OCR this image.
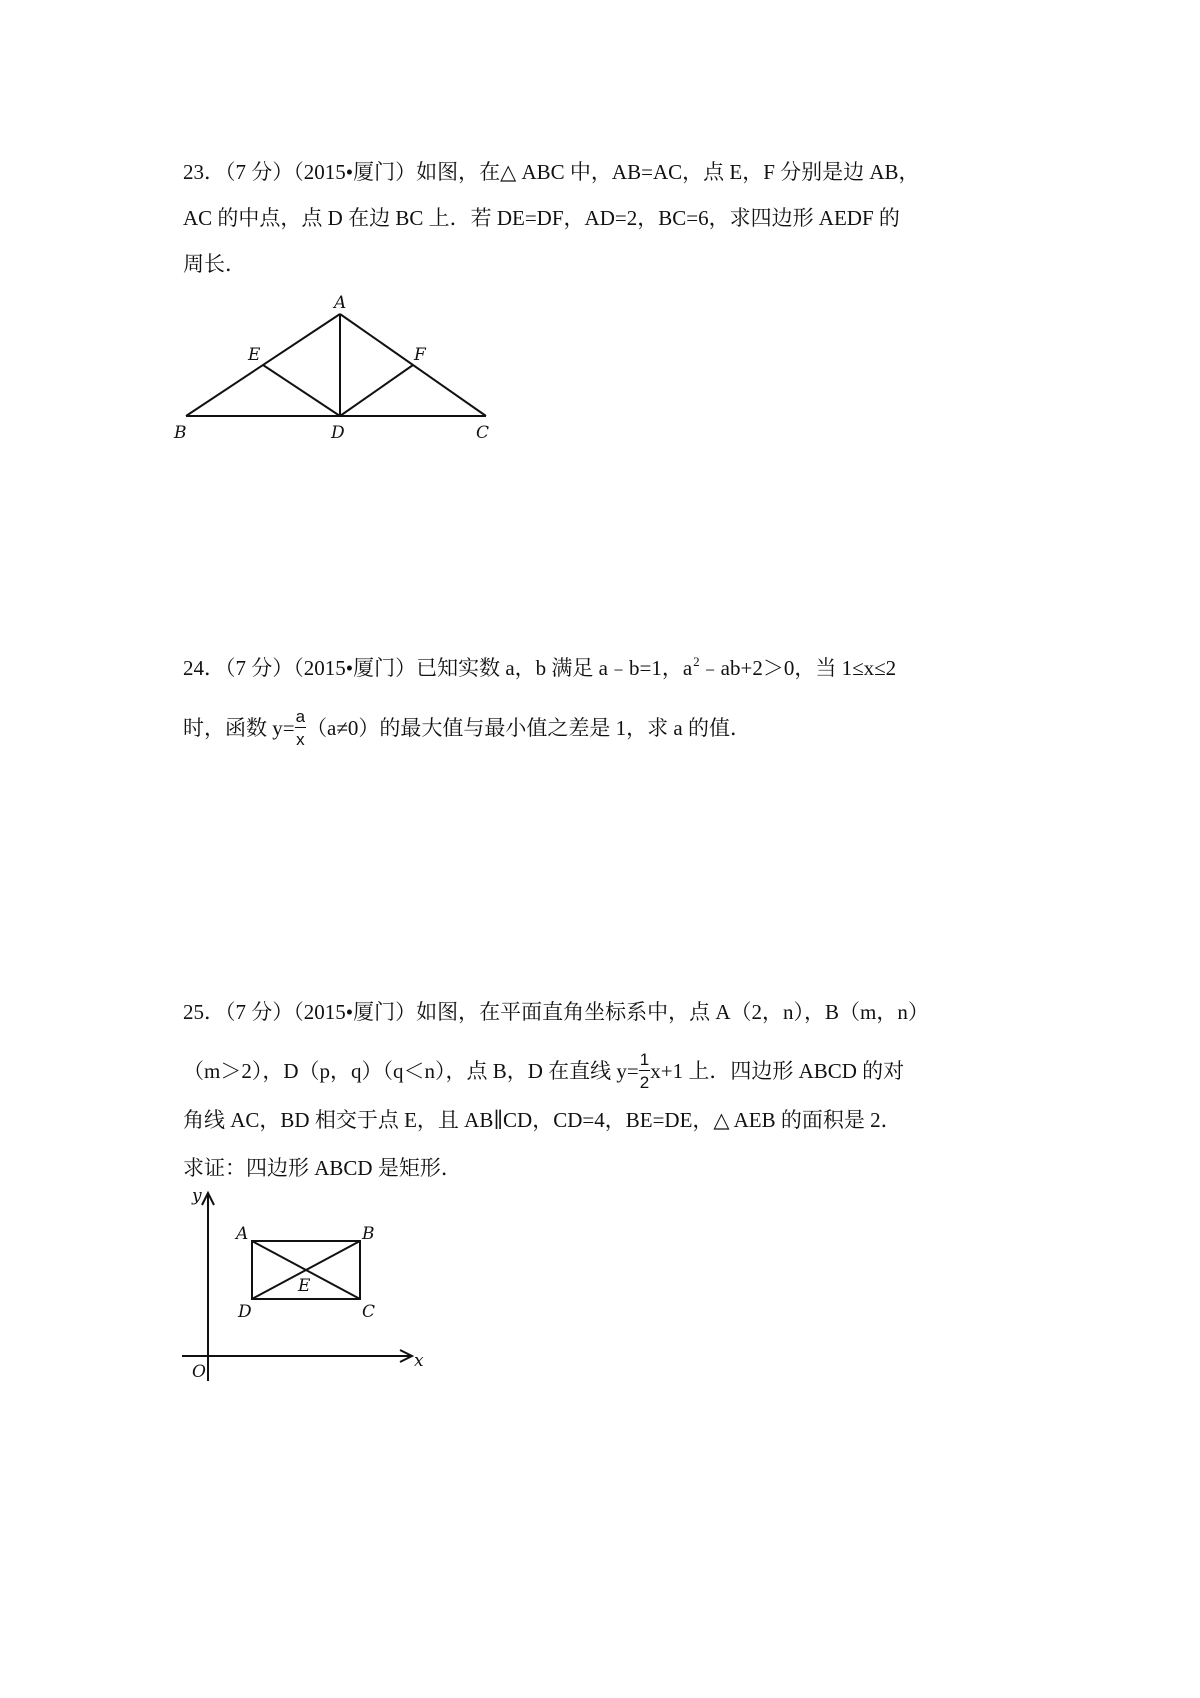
23．（7 分）（2015•厦门）如图，在△ ABC 中，AB=AC，点 E，F 分别是边 AB，
AC 的中点，点 D 在边 BC 上．若 DE=DF，AD=2，BC=6，求四边形 AEDF 的
周长．
A
B	C
D
E	F
24．（7 分）（2015•厦门）已知实数 a，b 满足 a﹣b=1，$a^2﹣ab+2>0$，当 1≤x≤2
时，函数 $y= \frac{a}{x} (a\ne 0)$的最大值与最小值之差是 1，求 a 的值．
25．（7 分）（2015•厦门）如图，在平面直角坐标系中，点 A（2，n），B（m，n）
（m＞2），D（p，q）（q＜n），点 B，D 在直线 $y= \frac{1}{2} x+1$ 上．四边形 ABCD 的对
角线 AC，BD 相交于点 E，且 AB∥CD，CD=4，BE=DE，△ AEB 的面积是 2．
求证：四边形 ABCD 是矩形．
y
x
O
A	B
C
D
E
